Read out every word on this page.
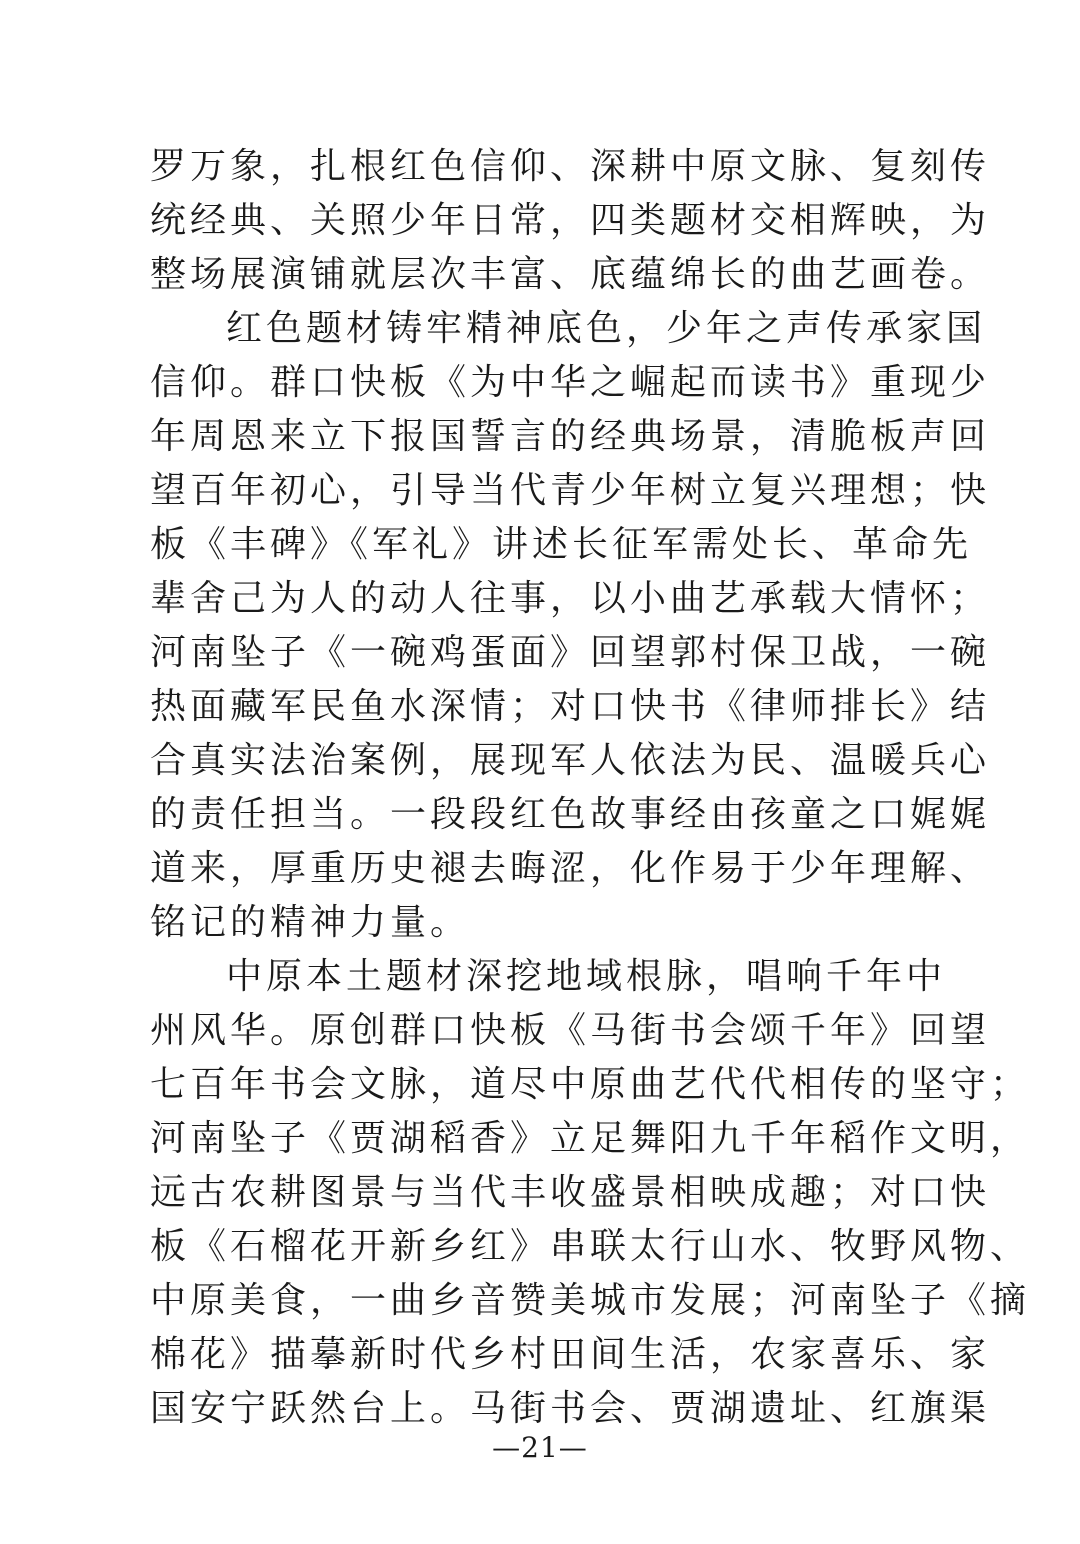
罗万象，扎根红色信仰、深耕中原文脉、复刻传
统经典、关照少年日常，四类题材交相辉映，为
整场展演铺就层次丰富、底蕴绵长的曲艺画卷。
红色题材铸牢精神底色，少年之声传承家国
信仰。群口快板《为中华之崛起而读书》重现少
年周恩来立下报国誓言的经典场景，清脆板声回
望百年初心，引导当代青少年树立复兴理想；快
板《丰碑》《军礼》讲述长征军需处长、革命先
辈舍己为人的动人往事，以小曲艺承载大情怀；
河南坠子《一碗鸡蛋面》回望郭村保卫战，一碗
热面藏军民鱼水深情；对口快书《律师排长》结
合真实法治案例，展现军人依法为民、温暖兵心
的责任担当。一段段红色故事经由孩童之口娓娓
道来，厚重历史褪去晦涩，化作易于少年理解、
铭记的精神力量。
中原本土题材深挖地域根脉，唱响千年中
州风华。原创群口快板《马街书会颂千年》回望
七百年书会文脉，道尽中原曲艺代代相传的坚守；
河南坠子《贾湖稻香》立足舞阳九千年稻作文明，
远古农耕图景与当代丰收盛景相映成趣；对口快
板《石榴花开新乡红》串联太行山水、牧野风物、
中原美食，一曲乡音赞美城市发展；河南坠子《摘
棉花》描摹新时代乡村田间生活，农家喜乐、家
国安宁跃然台上。马街书会、贾湖遗址、红旗渠
—21—
